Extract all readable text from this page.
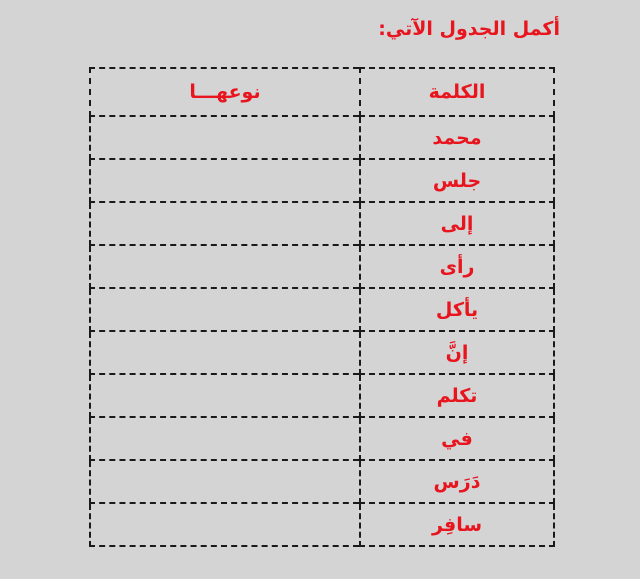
أكمل الجدول الآتي:

الكلمة	نوعهـــا
محمد	
جلس	
إلى	
رأى	
يأكل	
إنَّ	
تكلم	
في	
دَرَس	
سافِر	
